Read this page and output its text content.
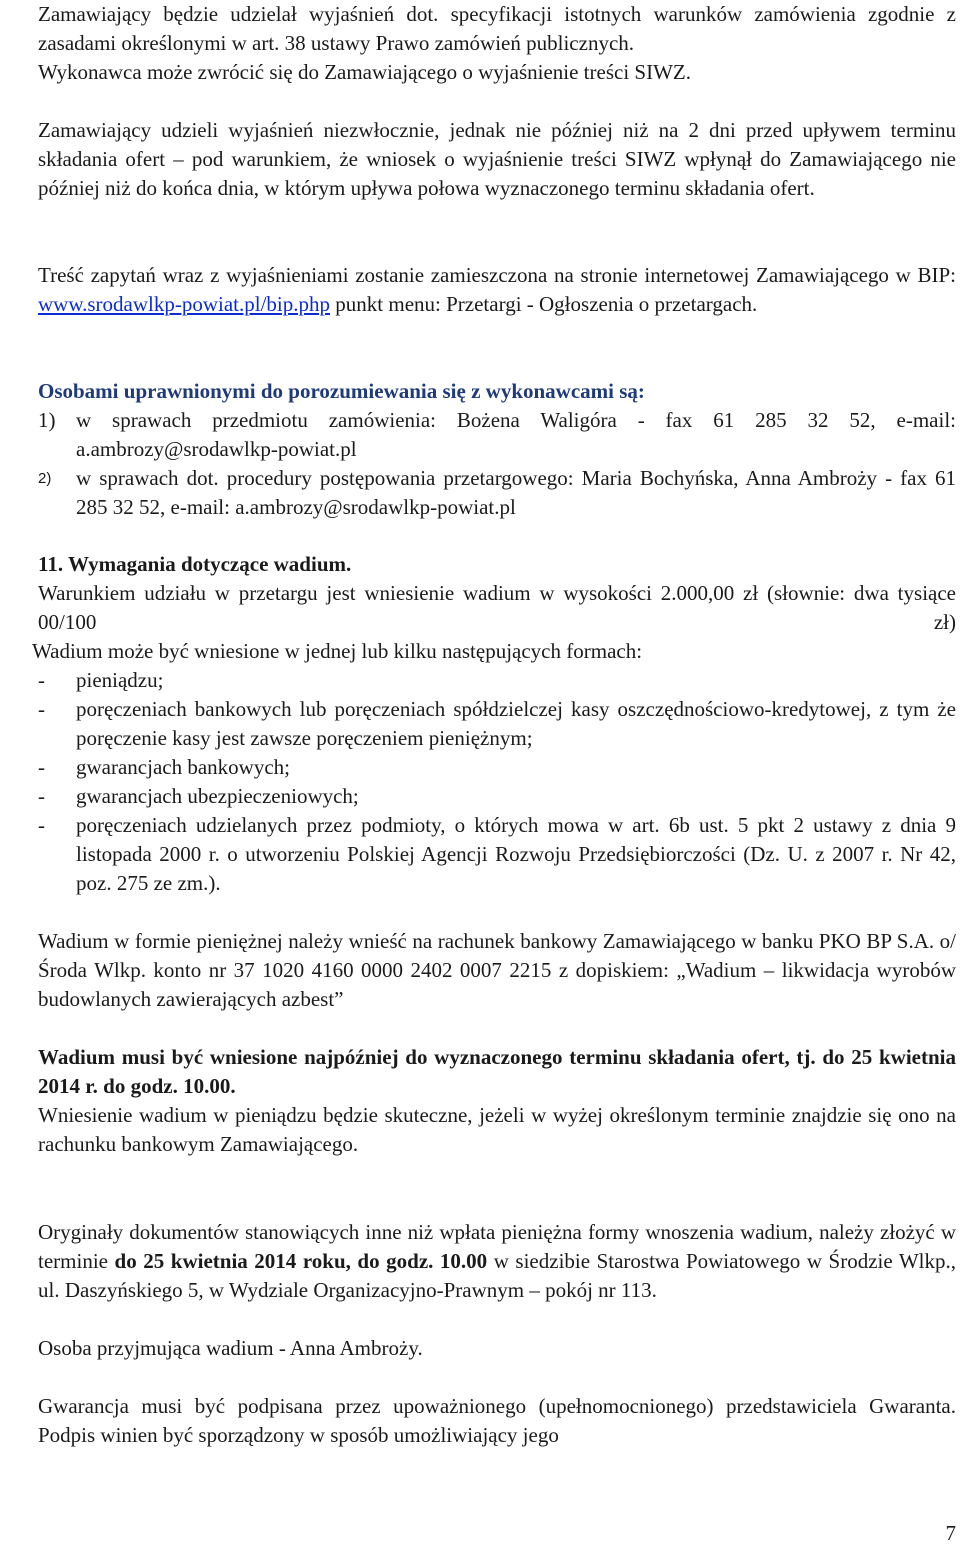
Zamawiający będzie udzielał wyjaśnień dot. specyfikacji istotnych warunków zamówienia zgodnie z zasadami określonymi w art. 38 ustawy Prawo zamówień publicznych.

Wykonawca może zwrócić się do Zamawiającego o wyjaśnienie treści SIWZ.

Zamawiający udzieli wyjaśnień niezwłocznie, jednak nie później niż na 2 dni przed upływem terminu składania ofert – pod warunkiem, że wniosek o wyjaśnienie treści SIWZ wpłynął do Zamawiającego nie później niż do końca dnia, w którym upływa połowa wyznaczonego terminu składania ofert.

Treść zapytań wraz z wyjaśnieniami zostanie zamieszczona na stronie internetowej Zamawiającego w BIP: www.srodawlkp-powiat.pl/bip.php punkt menu: Przetargi - Ogłoszenia o przetargach.

Osobami uprawnionymi do porozumiewania się z wykonawcami są:

1) w sprawach przedmiotu zamówienia: Bożena Waligóra - fax 61 285 32 52, e-mail: a.ambrozy@srodawlkp-powiat.pl
2) w sprawach dot. procedury postępowania przetargowego: Maria Bochyńska, Anna Ambroży - fax 61 285 32 52, e-mail: a.ambrozy@srodawlkp-powiat.pl

11. Wymagania dotyczące wadium.

Warunkiem udziału w przetargu jest wniesienie wadium w wysokości 2.000,00 zł (słownie: dwa tysiące 00/100 zł)

Wadium może być wniesione w jednej lub kilku następujących formach:

- pieniądzu;
- poręczeniach bankowych lub poręczeniach spółdzielczej kasy oszczędnościowo-kredytowej, z tym że poręczenie kasy jest zawsze poręczeniem pieniężnym;
- gwarancjach bankowych;
- gwarancjach ubezpieczeniowych;
- poręczeniach udzielanych przez podmioty, o których mowa w art. 6b ust. 5 pkt 2 ustawy z dnia 9 listopada 2000 r. o utworzeniu Polskiej Agencji Rozwoju Przedsiębiorczości (Dz. U. z 2007 r. Nr 42, poz. 275 ze zm.).

Wadium w formie pieniężnej należy wnieść na rachunek bankowy Zamawiającego w banku PKO BP S.A. o/Środa Wlkp. konto nr 37 1020 4160 0000 2402 0007 2215 z dopiskiem: „Wadium – likwidacja wyrobów budowlanych zawierających azbest”

Wadium musi być wniesione najpóźniej do wyznaczonego terminu składania ofert, tj. do 25 kwietnia 2014 r. do godz. 10.00.

Wniesienie wadium w pieniądzu będzie skuteczne, jeżeli w wyżej określonym terminie znajdzie się ono na rachunku bankowym Zamawiającego.

Oryginały dokumentów stanowiących inne niż wpłata pieniężna formy wnoszenia wadium, należy złożyć w terminie do 25 kwietnia 2014 roku, do godz. 10.00 w siedzibie Starostwa Powiatowego w Środzie Wlkp., ul. Daszyńskiego 5, w Wydziale Organizacyjno-Prawnym – pokój nr 113.

Osoba przyjmująca wadium - Anna Ambroży.

Gwarancja musi być podpisana przez upoważnionego (upełnomocnionego) przedstawiciela Gwaranta. Podpis winien być sporządzony w sposób umożliwiający jego

7
